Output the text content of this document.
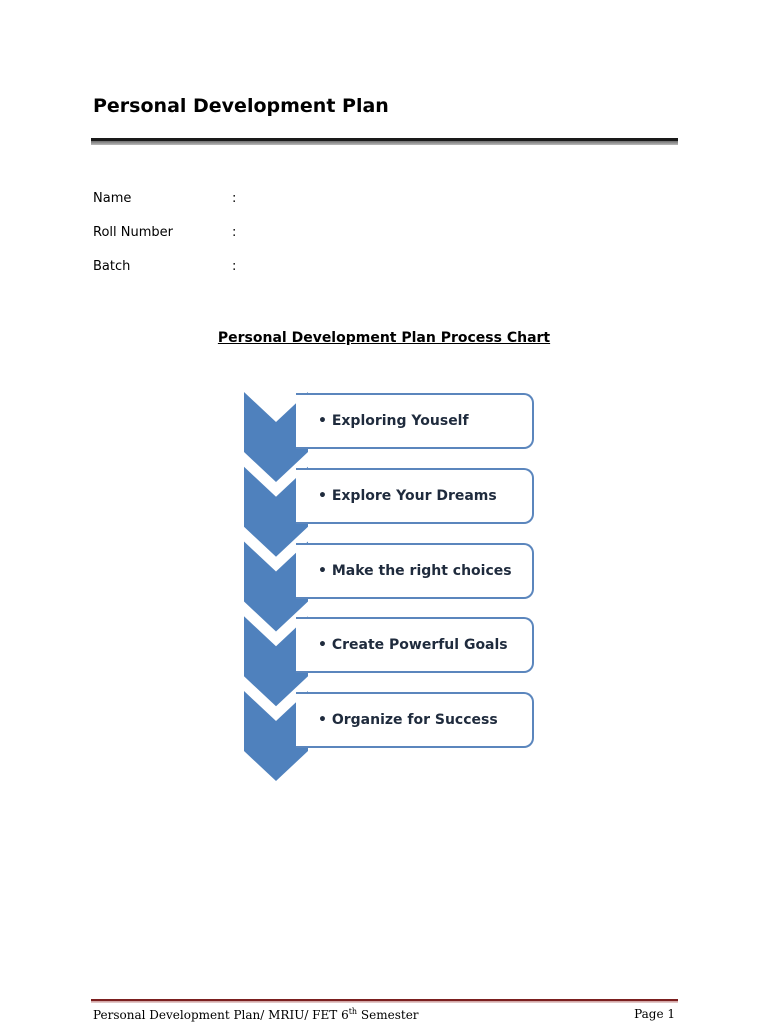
Personal Development Plan
Name	:
Roll Number	:
Batch	:
Personal Development Plan Process Chart
• Exploring Youself
• Explore Your Dreams
• Make the right choices
• Create Powerful Goals
• Organize for Success
Personal Development Plan/ MRIU/ FET 6th Semester	Page 1
